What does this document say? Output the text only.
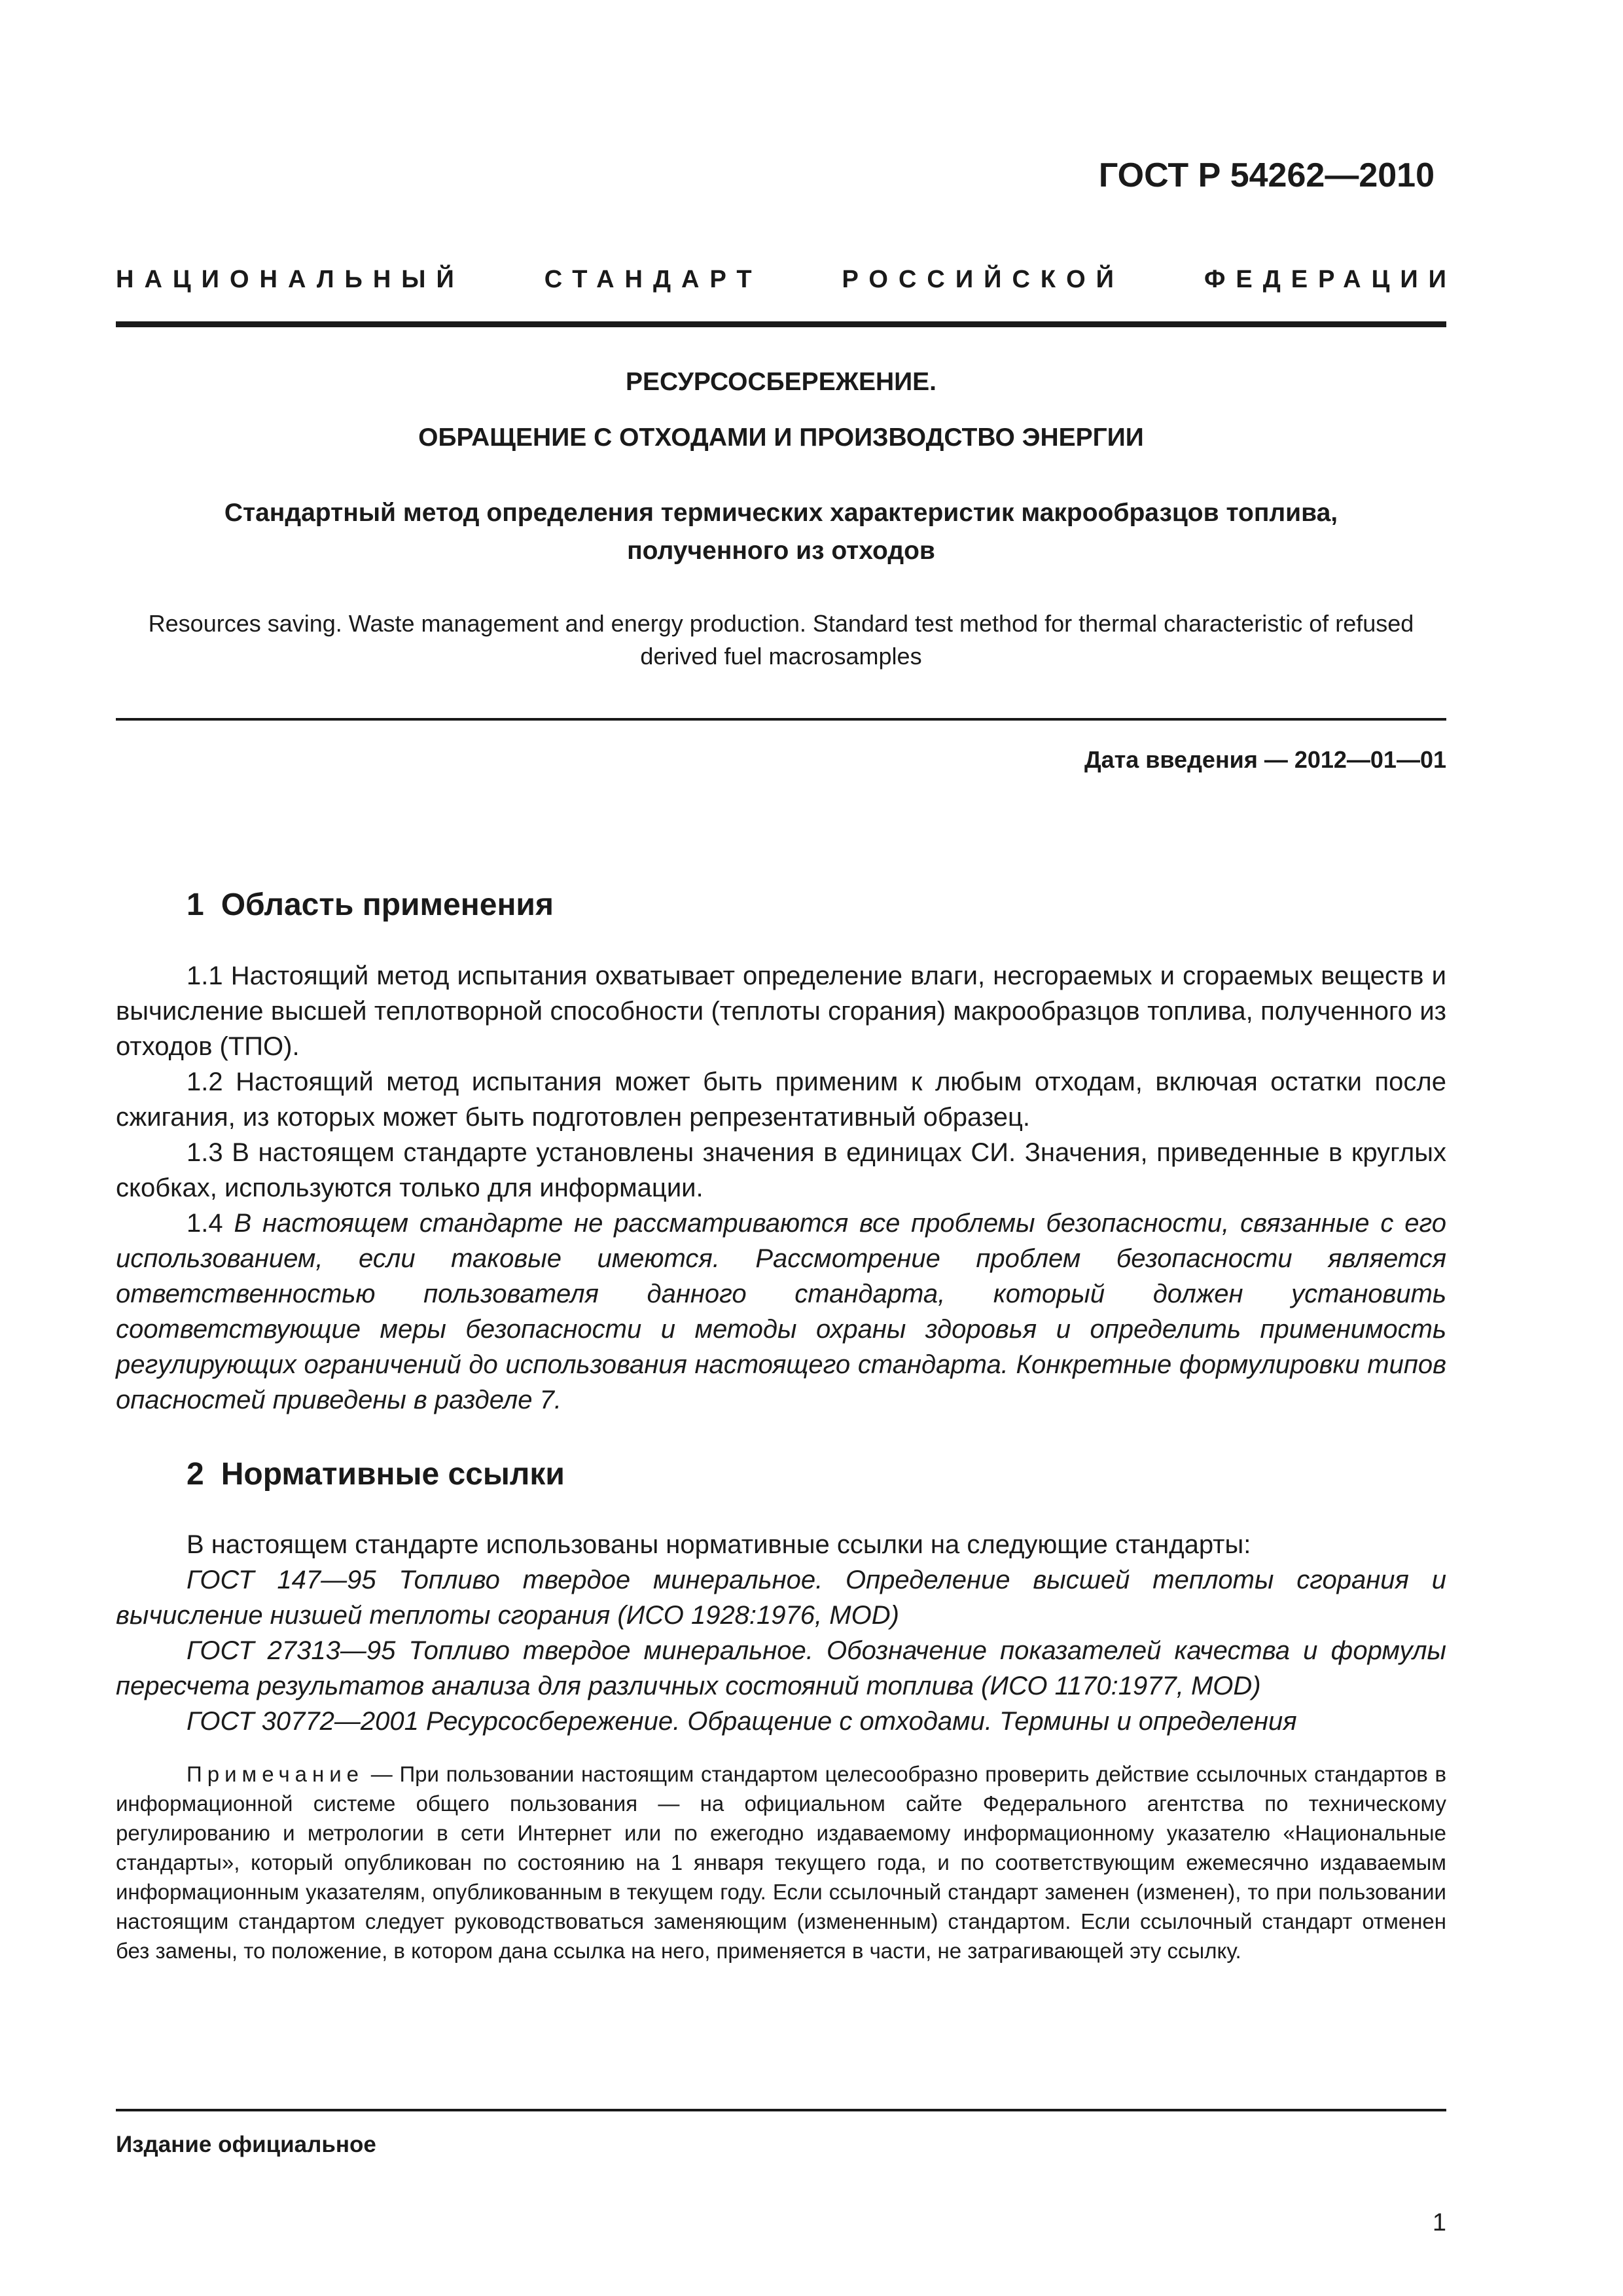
ГОСТ Р 54262—2010
НАЦИОНАЛЬНЫЙ	СТАНДАРТ	РОССИЙСКОЙ	ФЕДЕРАЦИИ
РЕСУРСОСБЕРЕЖЕНИЕ.
ОБРАЩЕНИЕ С ОТХОДАМИ И ПРОИЗВОДСТВО ЭНЕРГИИ
Стандартный метод определения термических характеристик макрообразцов топлива,
полученного из отходов
Resources saving. Waste management and energy production. Standard test method for thermal characteristic of refused
derived fuel macrosamples
Дата введения — 2012—01—01
1 Область применения
1.1 Настоящий метод испытания охватывает определение влаги, несгораемых и сгораемых веществ и вычисление высшей теплотворной способности (теплоты сгорания) макрообразцов топлива, полученного из отходов (ТПО).
1.2 Настоящий метод испытания может быть применим к любым отходам, включая остатки после сжигания, из которых может быть подготовлен репрезентативный образец.
1.3 В настоящем стандарте установлены значения в единицах СИ. Значения, приведенные в круглых скобках, используются только для информации.
1.4 В настоящем стандарте не рассматриваются все проблемы безопасности, связанные с его использованием, если таковые имеются. Рассмотрение проблем безопасности является ответственностью пользователя данного стандарта, который должен установить соответствующие меры безопасности и методы охраны здоровья и определить применимость регулирующих ограничений до использования настоящего стандарта. Конкретные формулировки типов опасностей приведены в разделе 7.
2 Нормативные ссылки
В настоящем стандарте использованы нормативные ссылки на следующие стандарты:
ГОСТ 147—95 Топливо твердое минеральное. Определение высшей теплоты сгорания и вычисление низшей теплоты сгорания (ИСО 1928:1976, MOD)
ГОСТ 27313—95 Топливо твердое минеральное. Обозначение показателей качества и формулы пересчета результатов анализа для различных состояний топлива (ИСО 1170:1977, MOD)
ГОСТ 30772—2001 Ресурсосбережение. Обращение с отходами. Термины и определения
Примечание — При пользовании настоящим стандартом целесообразно проверить действие ссылочных стандартов в информационной системе общего пользования — на официальном сайте Федерального агентства по техническому регулированию и метрологии в сети Интернет или по ежегодно издаваемому информационному указателю «Национальные стандарты», который опубликован по состоянию на 1 января текущего года, и по соответствующим ежемесячно издаваемым информационным указателям, опубликованным в текущем году. Если ссылочный стандарт заменен (изменен), то при пользовании настоящим стандартом следует руководствоваться заменяющим (измененным) стандартом. Если ссылочный стандарт отменен без замены, то положение, в котором дана ссылка на него, применяется в части, не затрагивающей эту ссылку.
Издание официальное
1
